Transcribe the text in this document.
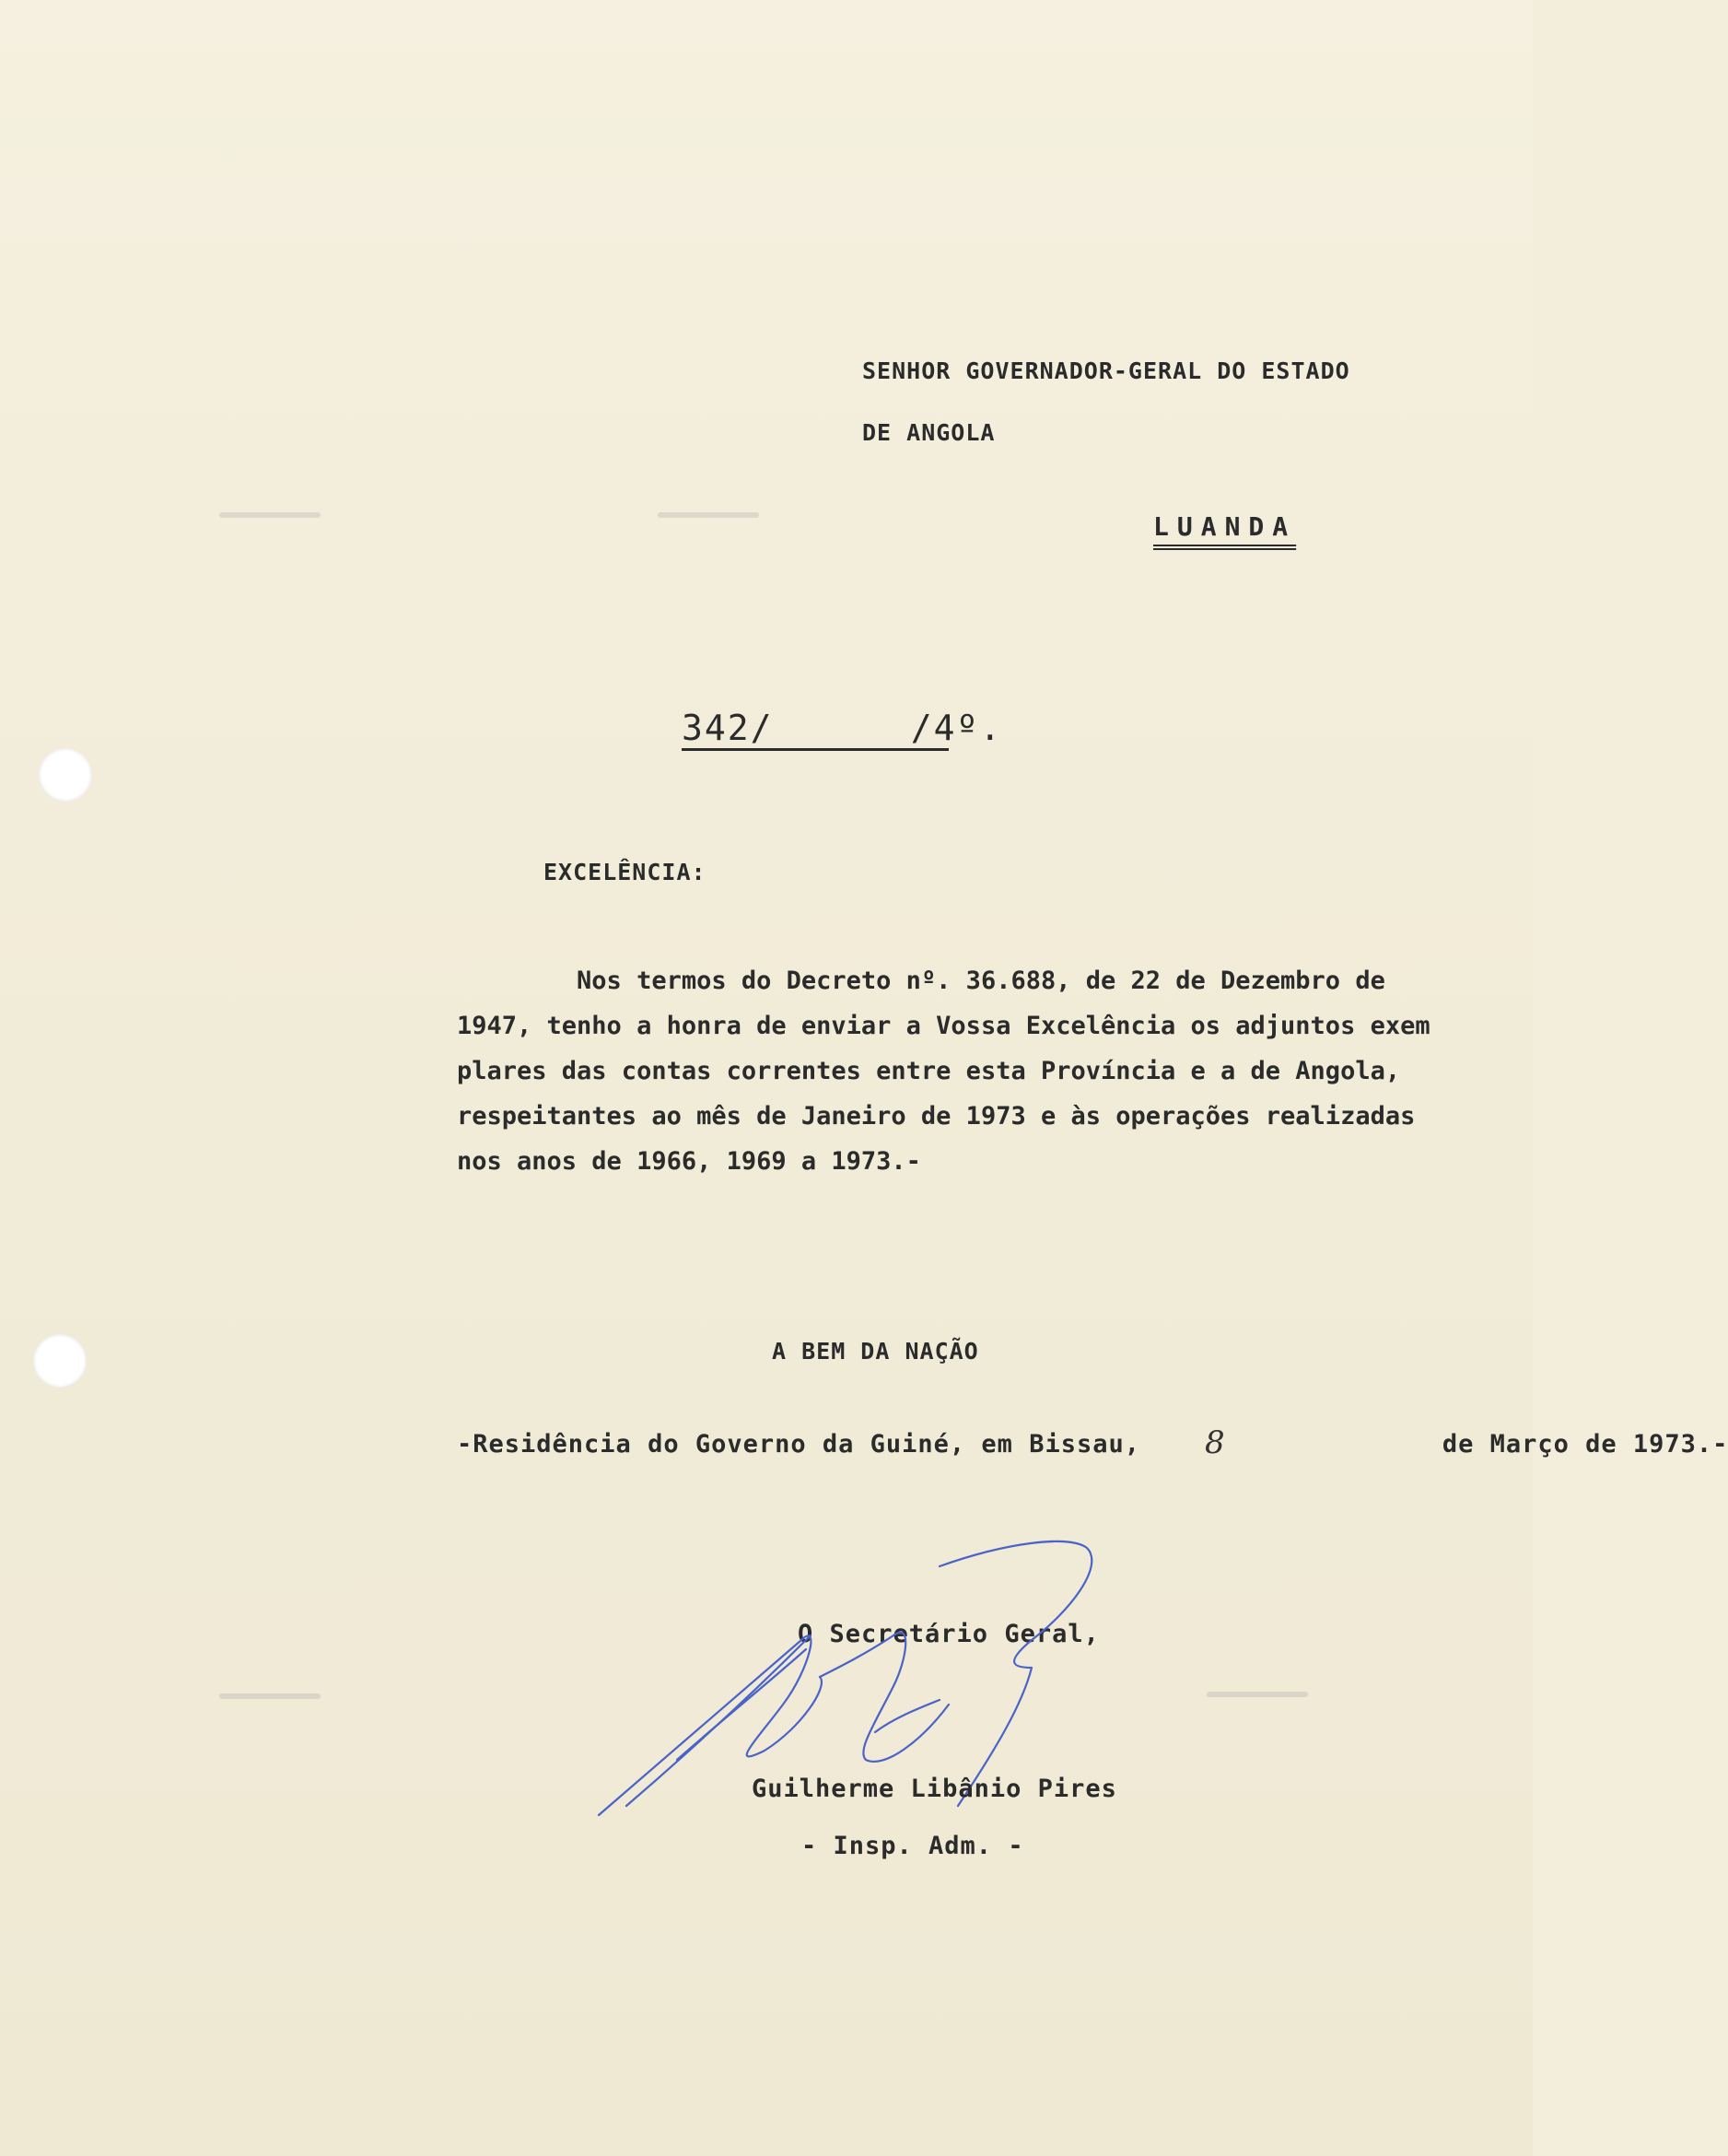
SENHOR GOVERNADOR-GERAL DO ESTADO
DE ANGOLA
LUANDA
342/      /4º.
EXCELÊNCIA:

Nos termos do Decreto nº. 36.688, de 22 de Dezembro de

1947, tenho a honra de enviar a Vossa Excelência os adjuntos exem

plares das contas correntes entre esta Província e a de Angola,

respeitantes ao mês de Janeiro de 1973 e às operações realizadas

nos anos de 1966, 1969 a 1973.-

A BEM DA NAÇÃO
-Residência do Governo da Guiné, em Bissau,	de Março de 1973.-
8
O Secretário Geral,
Guilherme Libânio Pires
- Insp. Adm. -
